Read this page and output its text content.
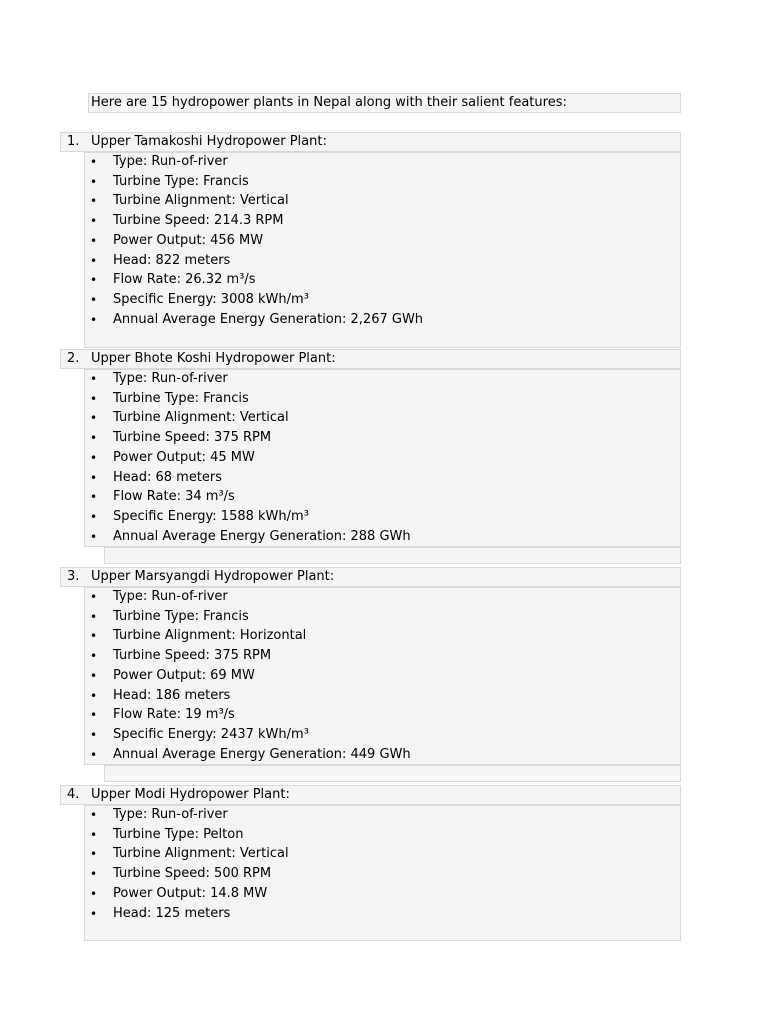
Here are 15 hydropower plants in Nepal along with their salient features:
1. Upper Tamakoshi Hydropower Plant:
• Type: Run-of-river
• Turbine Type: Francis
• Turbine Alignment: Vertical
• Turbine Speed: 214.3 RPM
• Power Output: 456 MW
• Head: 822 meters
• Flow Rate: 26.32 m³/s
• Specific Energy: 3008 kWh/m³
• Annual Average Energy Generation: 2,267 GWh
2. Upper Bhote Koshi Hydropower Plant:
• Type: Run-of-river
• Turbine Type: Francis
• Turbine Alignment: Vertical
• Turbine Speed: 375 RPM
• Power Output: 45 MW
• Head: 68 meters
• Flow Rate: 34 m³/s
• Specific Energy: 1588 kWh/m³
• Annual Average Energy Generation: 288 GWh
3. Upper Marsyangdi Hydropower Plant:
• Type: Run-of-river
• Turbine Type: Francis
• Turbine Alignment: Horizontal
• Turbine Speed: 375 RPM
• Power Output: 69 MW
• Head: 186 meters
• Flow Rate: 19 m³/s
• Specific Energy: 2437 kWh/m³
• Annual Average Energy Generation: 449 GWh
4. Upper Modi Hydropower Plant:
• Type: Run-of-river
• Turbine Type: Pelton
• Turbine Alignment: Vertical
• Turbine Speed: 500 RPM
• Power Output: 14.8 MW
• Head: 125 meters
